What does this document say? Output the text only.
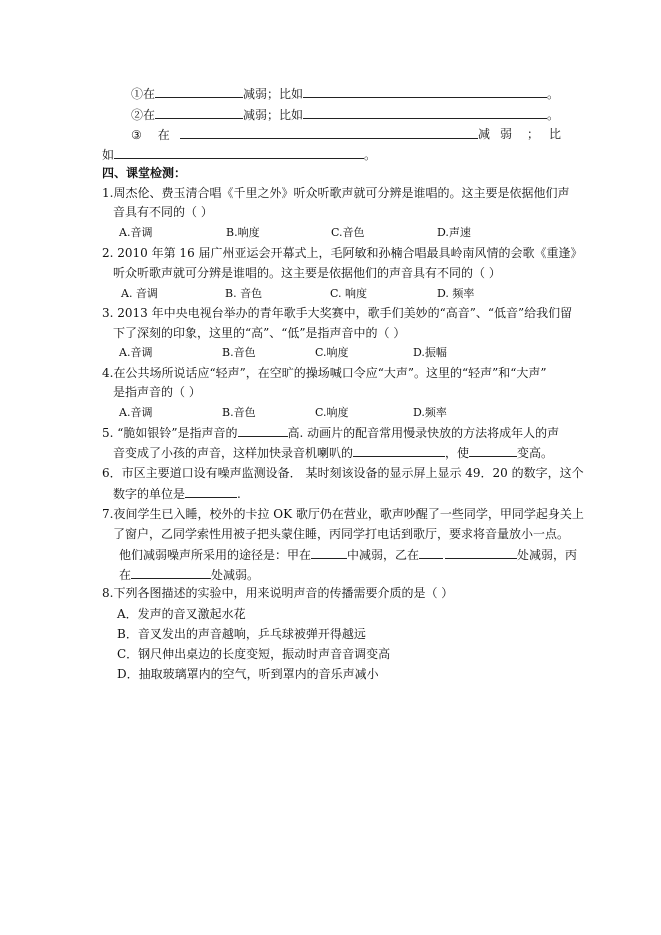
①在	减弱；比如	。
②在	减弱；比如	。
③ 在	减 弱 ； 比
如	。
四、课堂检测：
1.周杰伦、费玉清合唱《千里之外》听众听歌声就可分辨是谁唱的。这主要是依据他们声
音具有不同的（ ）
A.音调	B.响度	C.音色	D.声速
2. 2010 年第 16 届广州亚运会开幕式上，毛阿敏和孙楠合唱最具岭南风情的会歌《重逢》
听众听歌声就可分辨是谁唱的。这主要是依据他们的声音具有不同的（ ）
A. 音调	B. 音色	C. 响度	D. 频率
3. 2013 年中央电视台举办的青年歌手大奖赛中，歌手们美妙的“高音”、“低音”给我们留
下了深刻的印象，这里的“高”、“低”是指声音中的（ ）
A.音调	B.音色	C.响度	D.振幅
4.在公共场所说话应“轻声”，在空旷的操场喊口令应“大声”。这里的“轻声”和“大声”
是指声音的（ ）
A.音调	B.音色	C.响度	D.频率
5. “脆如银铃”是指声音的	高. 动画片的配音常用慢录快放的方法将成年人的声
音变成了小孩的声音，这样加快录音机喇叭的	，使	变高。
6．市区主要道口设有噪声监测设备． 某时刻该设备的显示屏上显示 49．20 的数字，这个
数字的单位是	.
7.夜间学生已入睡，校外的卡拉 OK 歌厅仍在营业，歌声吵醒了一些同学，甲同学起身关上
了窗户，乙同学索性用被子把头蒙住睡，丙同学打电话到歌厅，要求将音量放小一点。
他们减弱噪声所采用的途径是：甲在	中减弱，乙在	处减弱，丙
在	处减弱。
8.下列各图描述的实验中，用来说明声音的传播需要介质的是（ ）
A．发声的音叉激起水花
B．音叉发出的声音越响，乒乓球被弹开得越远
C．钢尺伸出桌边的长度变短，振动时声音音调变高
D．抽取玻璃罩内的空气，听到罩内的音乐声减小
